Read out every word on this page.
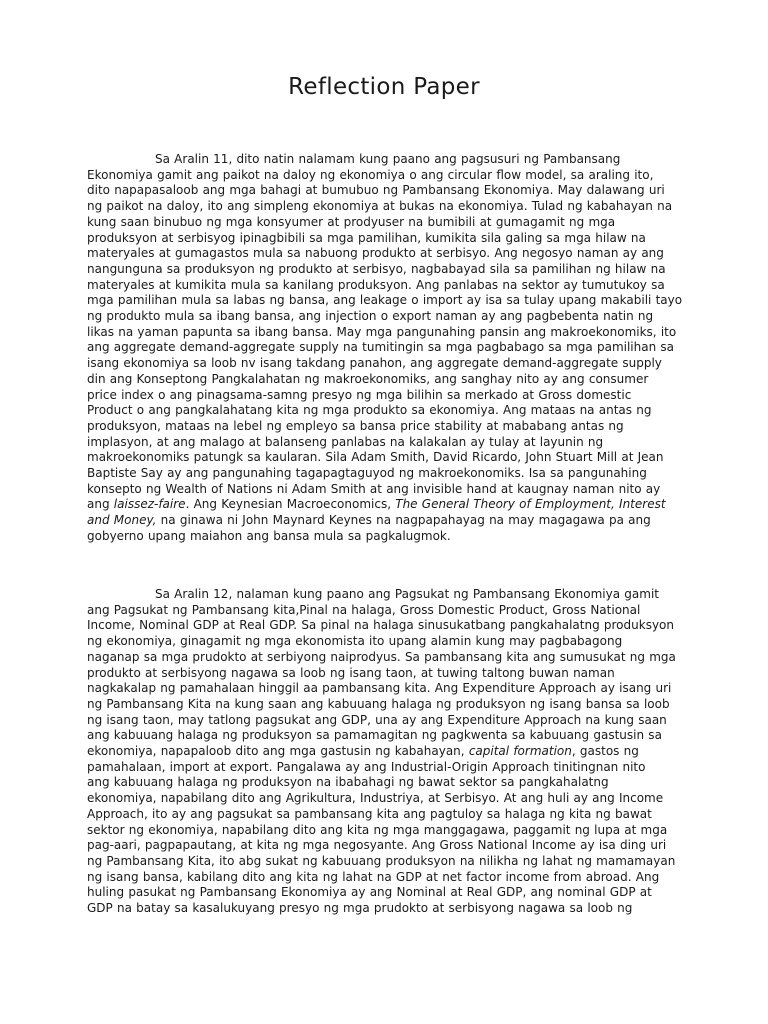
Reflection Paper
Sa Aralin 11, dito natin nalamam kung paano ang pagsusuri ng Pambansang
Ekonomiya gamit ang paikot na daloy ng ekonomiya o ang circular flow model, sa araling ito,
dito napapasaloob ang mga bahagi at bumubuo ng Pambansang Ekonomiya. May dalawang uri
ng paikot na daloy, ito ang simpleng ekonomiya at bukas na ekonomiya. Tulad ng kabahayan na
kung saan binubuo ng mga konsyumer at prodyuser na bumibili at gumagamit ng mga
produksyon at serbisyog ipinagbibili sa mga pamilihan, kumikita sila galing sa mga hilaw na
materyales at gumagastos mula sa nabuong produkto at serbisyo. Ang negosyo naman ay ang
nangunguna sa produksyon ng produkto at serbisyo, nagbabayad sila sa pamilihan ng hilaw na
materyales at kumikita mula sa kanilang produksyon. Ang panlabas na sektor ay tumutukoy sa
mga pamilihan mula sa labas ng bansa, ang leakage o import ay isa sa tulay upang makabili tayo
ng produkto mula sa ibang bansa, ang injection o export naman ay ang pagbebenta natin ng
likas na yaman papunta sa ibang bansa. May mga pangunahing pansin ang makroekonomiks, ito
ang aggregate demand-aggregate supply na tumitingin sa mga pagbabago sa mga pamilihan sa
isang ekonomiya sa loob nv isang takdang panahon, ang aggregate demand-aggregate supply
din ang Konseptong Pangkalahatan ng makroekonomiks, ang sanghay nito ay ang consumer
price index o ang pinagsama-samng presyo ng mga bilihin sa merkado at Gross domestic
Product o ang pangkalahatang kita ng mga produkto sa ekonomiya. Ang mataas na antas ng
produksyon, mataas na lebel ng empleyo sa bansa price stability at mababang antas ng
implasyon, at ang malago at balanseng panlabas na kalakalan ay tulay at layunin ng
makroekonomiks patungk sa kaularan. Sila Adam Smith, David Ricardo, John Stuart Mill at Jean
Baptiste Say ay ang pangunahing tagapagtaguyod ng makroekonomiks. Isa sa pangunahing
konsepto ng Wealth of Nations ni Adam Smith at ang invisible hand at kaugnay naman nito ay
ang laissez-faire. Ang Keynesian Macroeconomics, The General Theory of Employment, Interest
and Money, na ginawa ni John Maynard Keynes na nagpapahayag na may magagawa pa ang
gobyerno upang maiahon ang bansa mula sa pagkalugmok.
Sa Aralin 12, nalaman kung paano ang Pagsukat ng Pambansang Ekonomiya gamit
ang Pagsukat ng Pambansang kita,Pinal na halaga, Gross Domestic Product, Gross National
Income, Nominal GDP at Real GDP. Sa pinal na halaga sinusukatbang pangkahalatng produksyon
ng ekonomiya, ginagamit ng mga ekonomista ito upang alamin kung may pagbabagong
naganap sa mga prudokto at serbiyong naiprodyus. Sa pambansang kita ang sumusukat ng mga
produkto at serbisyong nagawa sa loob ng isang taon, at tuwing taltong buwan naman
nagkakalap ng pamahalaan hinggil aa pambansang kita. Ang Expenditure Approach ay isang uri
ng Pambansang Kita na kung saan ang kabuuang halaga ng produksyon ng isang bansa sa loob
ng isang taon, may tatlong pagsukat ang GDP, una ay ang Expenditure Approach na kung saan
ang kabuuang halaga ng produksyon sa pamamagitan ng pagkwenta sa kabuuang gastusin sa
ekonomiya, napapaloob dito ang mga gastusin ng kabahayan, capital formation, gastos ng
pamahalaan, import at export. Pangalawa ay ang Industrial-Origin Approach tinitingnan nito
ang kabuuang halaga ng produksyon na ibabahagi ng bawat sektor sa pangkahalatng
ekonomiya, napabilang dito ang Agrikultura, Industriya, at Serbisyo. At ang huli ay ang Income
Approach, ito ay ang pagsukat sa pambansang kita ang pagtuloy sa halaga ng kita ng bawat
sektor ng ekonomiya, napabilang dito ang kita ng mga manggagawa, paggamit ng lupa at mga
pag-aari, pagpapautang, at kita ng mga negosyante. Ang Gross National Income ay isa ding uri
ng Pambansang Kita, ito abg sukat ng kabuuang produksyon na nilikha ng lahat ng mamamayan
ng isang bansa, kabilang dito ang kita ng lahat na GDP at net factor income from abroad. Ang
huling pasukat ng Pambansang Ekonomiya ay ang Nominal at Real GDP, ang nominal GDP at
GDP na batay sa kasalukuyang presyo ng mga prudokto at serbisyong nagawa sa loob ng
